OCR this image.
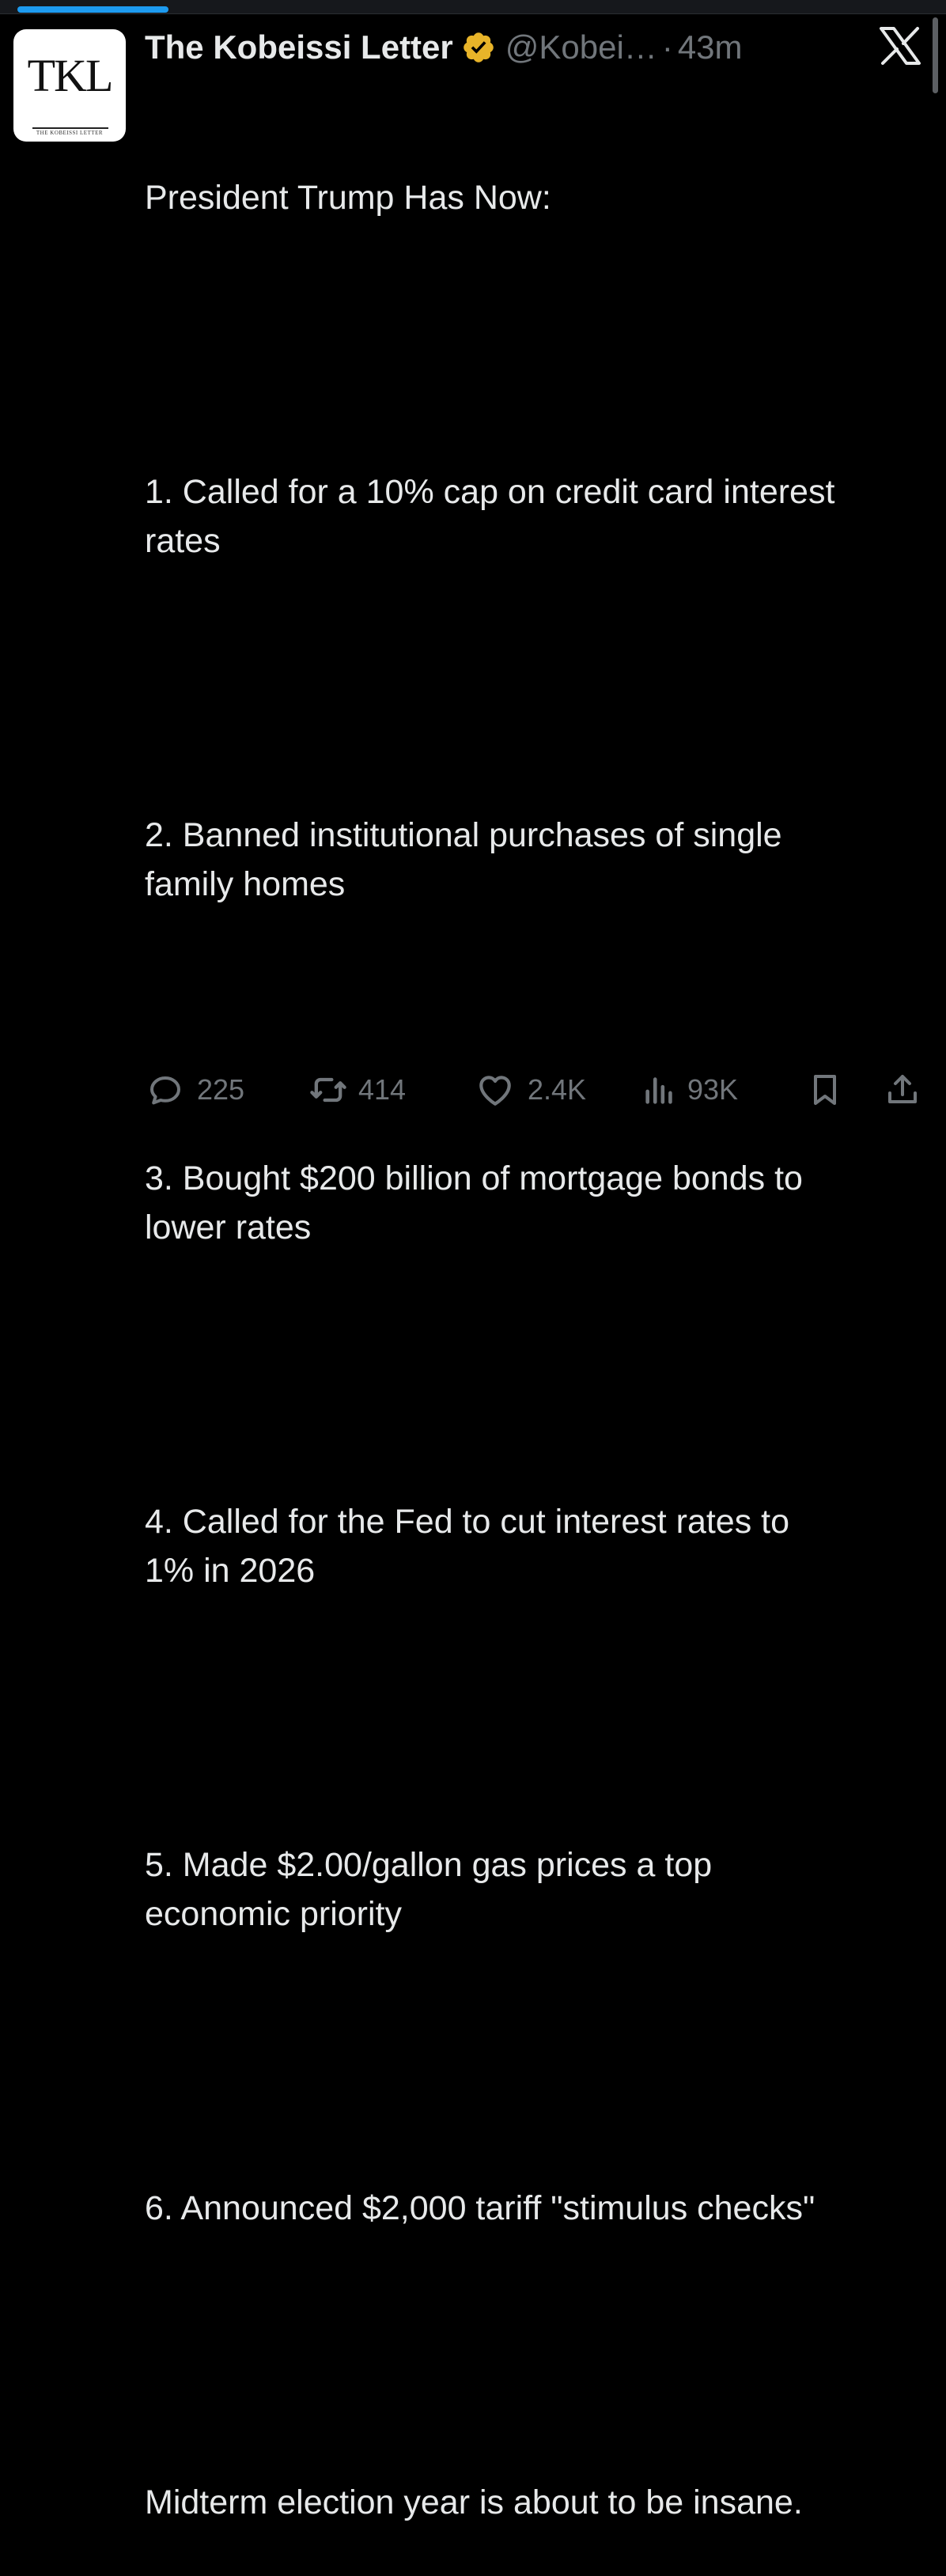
TKL
THE KOBEISSI LETTER
The Kobeissi Letter @Kobei… · 43m

President Trump Has Now:

1. Called for a 10% cap on credit card interest
rates

2. Banned institutional purchases of single
family homes

3. Bought $200 billion of mortgage bonds to
lower rates

4. Called for the Fed to cut interest rates to
1% in 2026

5. Made $2.00/gallon gas prices a top
economic priority

6. Announced $2,000 tariff "stimulus checks"

Midterm election year is about to be insane.

225	414	2.4K	93K
